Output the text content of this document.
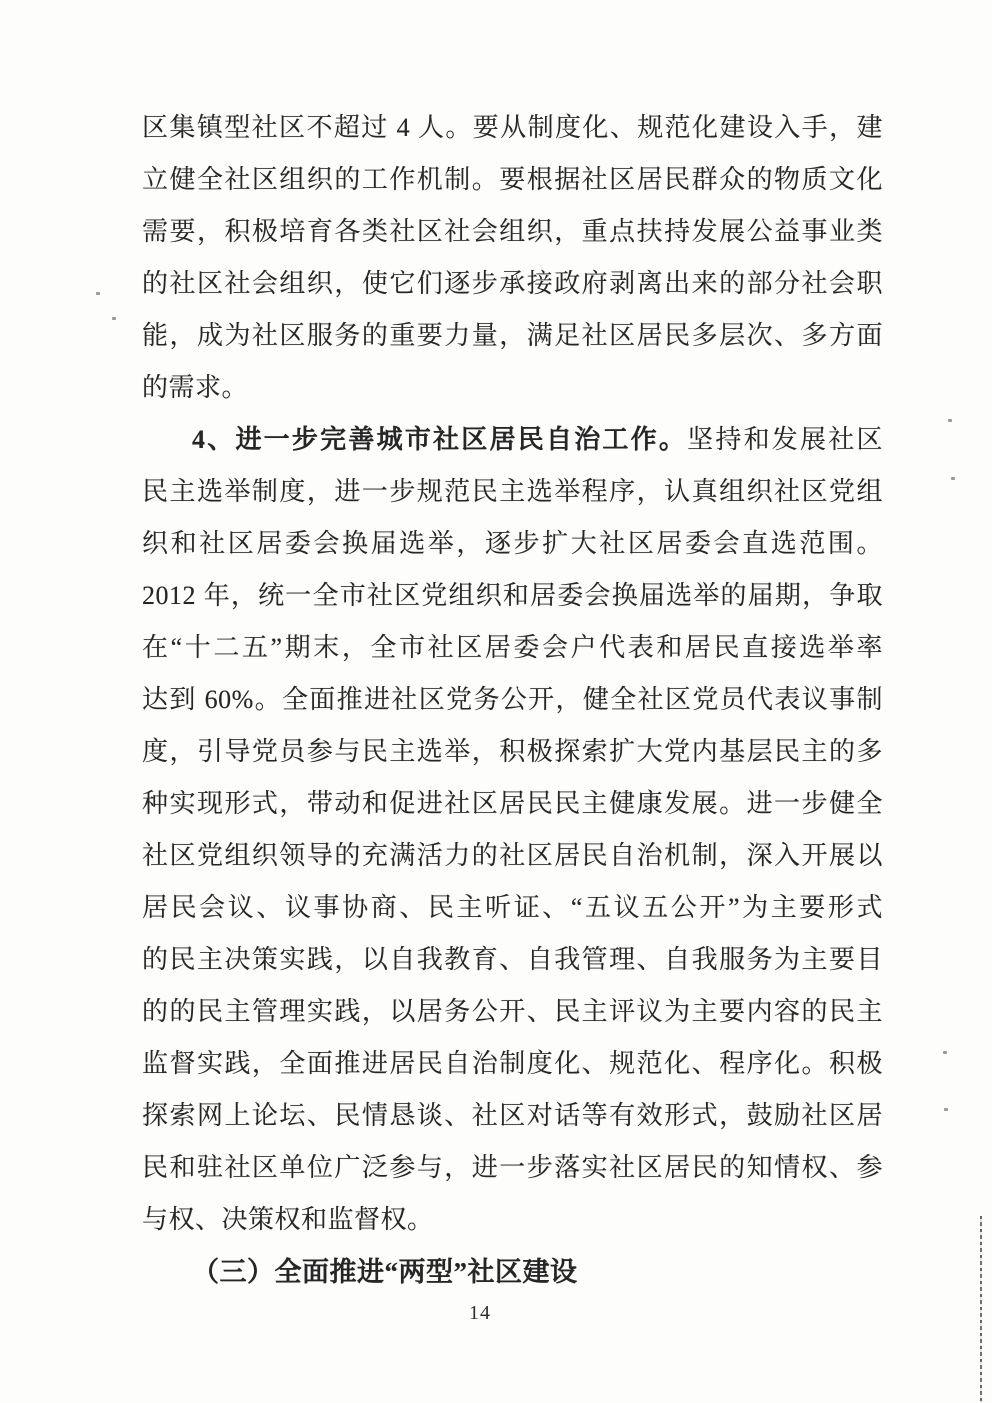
区集镇型社区不超过 4 人。要从制度化、规范化建设入手，建
立健全社区组织的工作机制。要根据社区居民群众的物质文化
需要，积极培育各类社区社会组织，重点扶持发展公益事业类
的社区社会组织，使它们逐步承接政府剥离出来的部分社会职
能，成为社区服务的重要力量，满足社区居民多层次、多方面
的需求。
4、进一步完善城市社区居民自治工作。坚持和发展社区
民主选举制度，进一步规范民主选举程序，认真组织社区党组
织和社区居委会换届选举，逐步扩大社区居委会直选范围。
2012 年，统一全市社区党组织和居委会换届选举的届期，争取
在“十二五”期末，全市社区居委会户代表和居民直接选举率
达到 60%。全面推进社区党务公开，健全社区党员代表议事制
度，引导党员参与民主选举，积极探索扩大党内基层民主的多
种实现形式，带动和促进社区居民民主健康发展。进一步健全
社区党组织领导的充满活力的社区居民自治机制，深入开展以
居民会议、议事协商、民主听证、“五议五公开”为主要形式
的民主决策实践，以自我教育、自我管理、自我服务为主要目
的的民主管理实践，以居务公开、民主评议为主要内容的民主
监督实践，全面推进居民自治制度化、规范化、程序化。积极
探索网上论坛、民情恳谈、社区对话等有效形式，鼓励社区居
民和驻社区单位广泛参与，进一步落实社区居民的知情权、参
与权、决策权和监督权。
（三）全面推进“两型”社区建设
14
